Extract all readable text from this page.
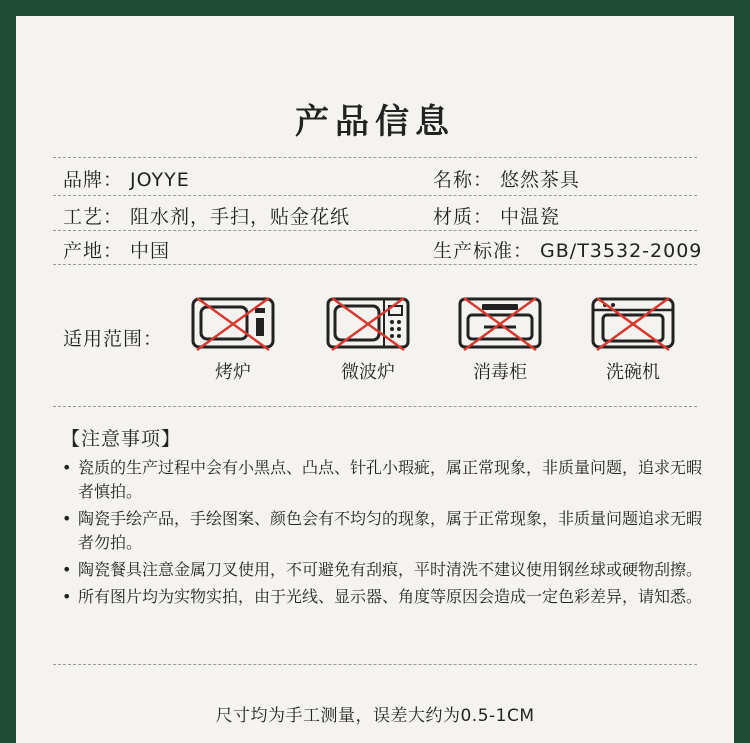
产品信息
品牌： JOYYE	名称： 悠然茶具
工艺： 阻水剂，手扫，贴金花纸	材质： 中温瓷
产地： 中国	生产标准： GB/T3532-2009
适用范围：
烤炉	微波炉	消毒柜	洗碗机
【注意事项】
• 瓷质的生产过程中会有小黑点、凸点、针孔小瑕疵，属正常现象，非质量问题，追求无暇者慎拍。
• 陶瓷手绘产品，手绘图案、颜色会有不均匀的现象，属于正常现象，非质量问题追求无暇者勿拍。
• 陶瓷餐具注意金属刀叉使用，不可避免有刮痕，平时清洗不建议使用钢丝球或硬物刮擦。
• 所有图片均为实物实拍，由于光线、显示器、角度等原因会造成一定色彩差异，请知悉。
尺寸均为手工测量，误差大约为0.5-1CM
